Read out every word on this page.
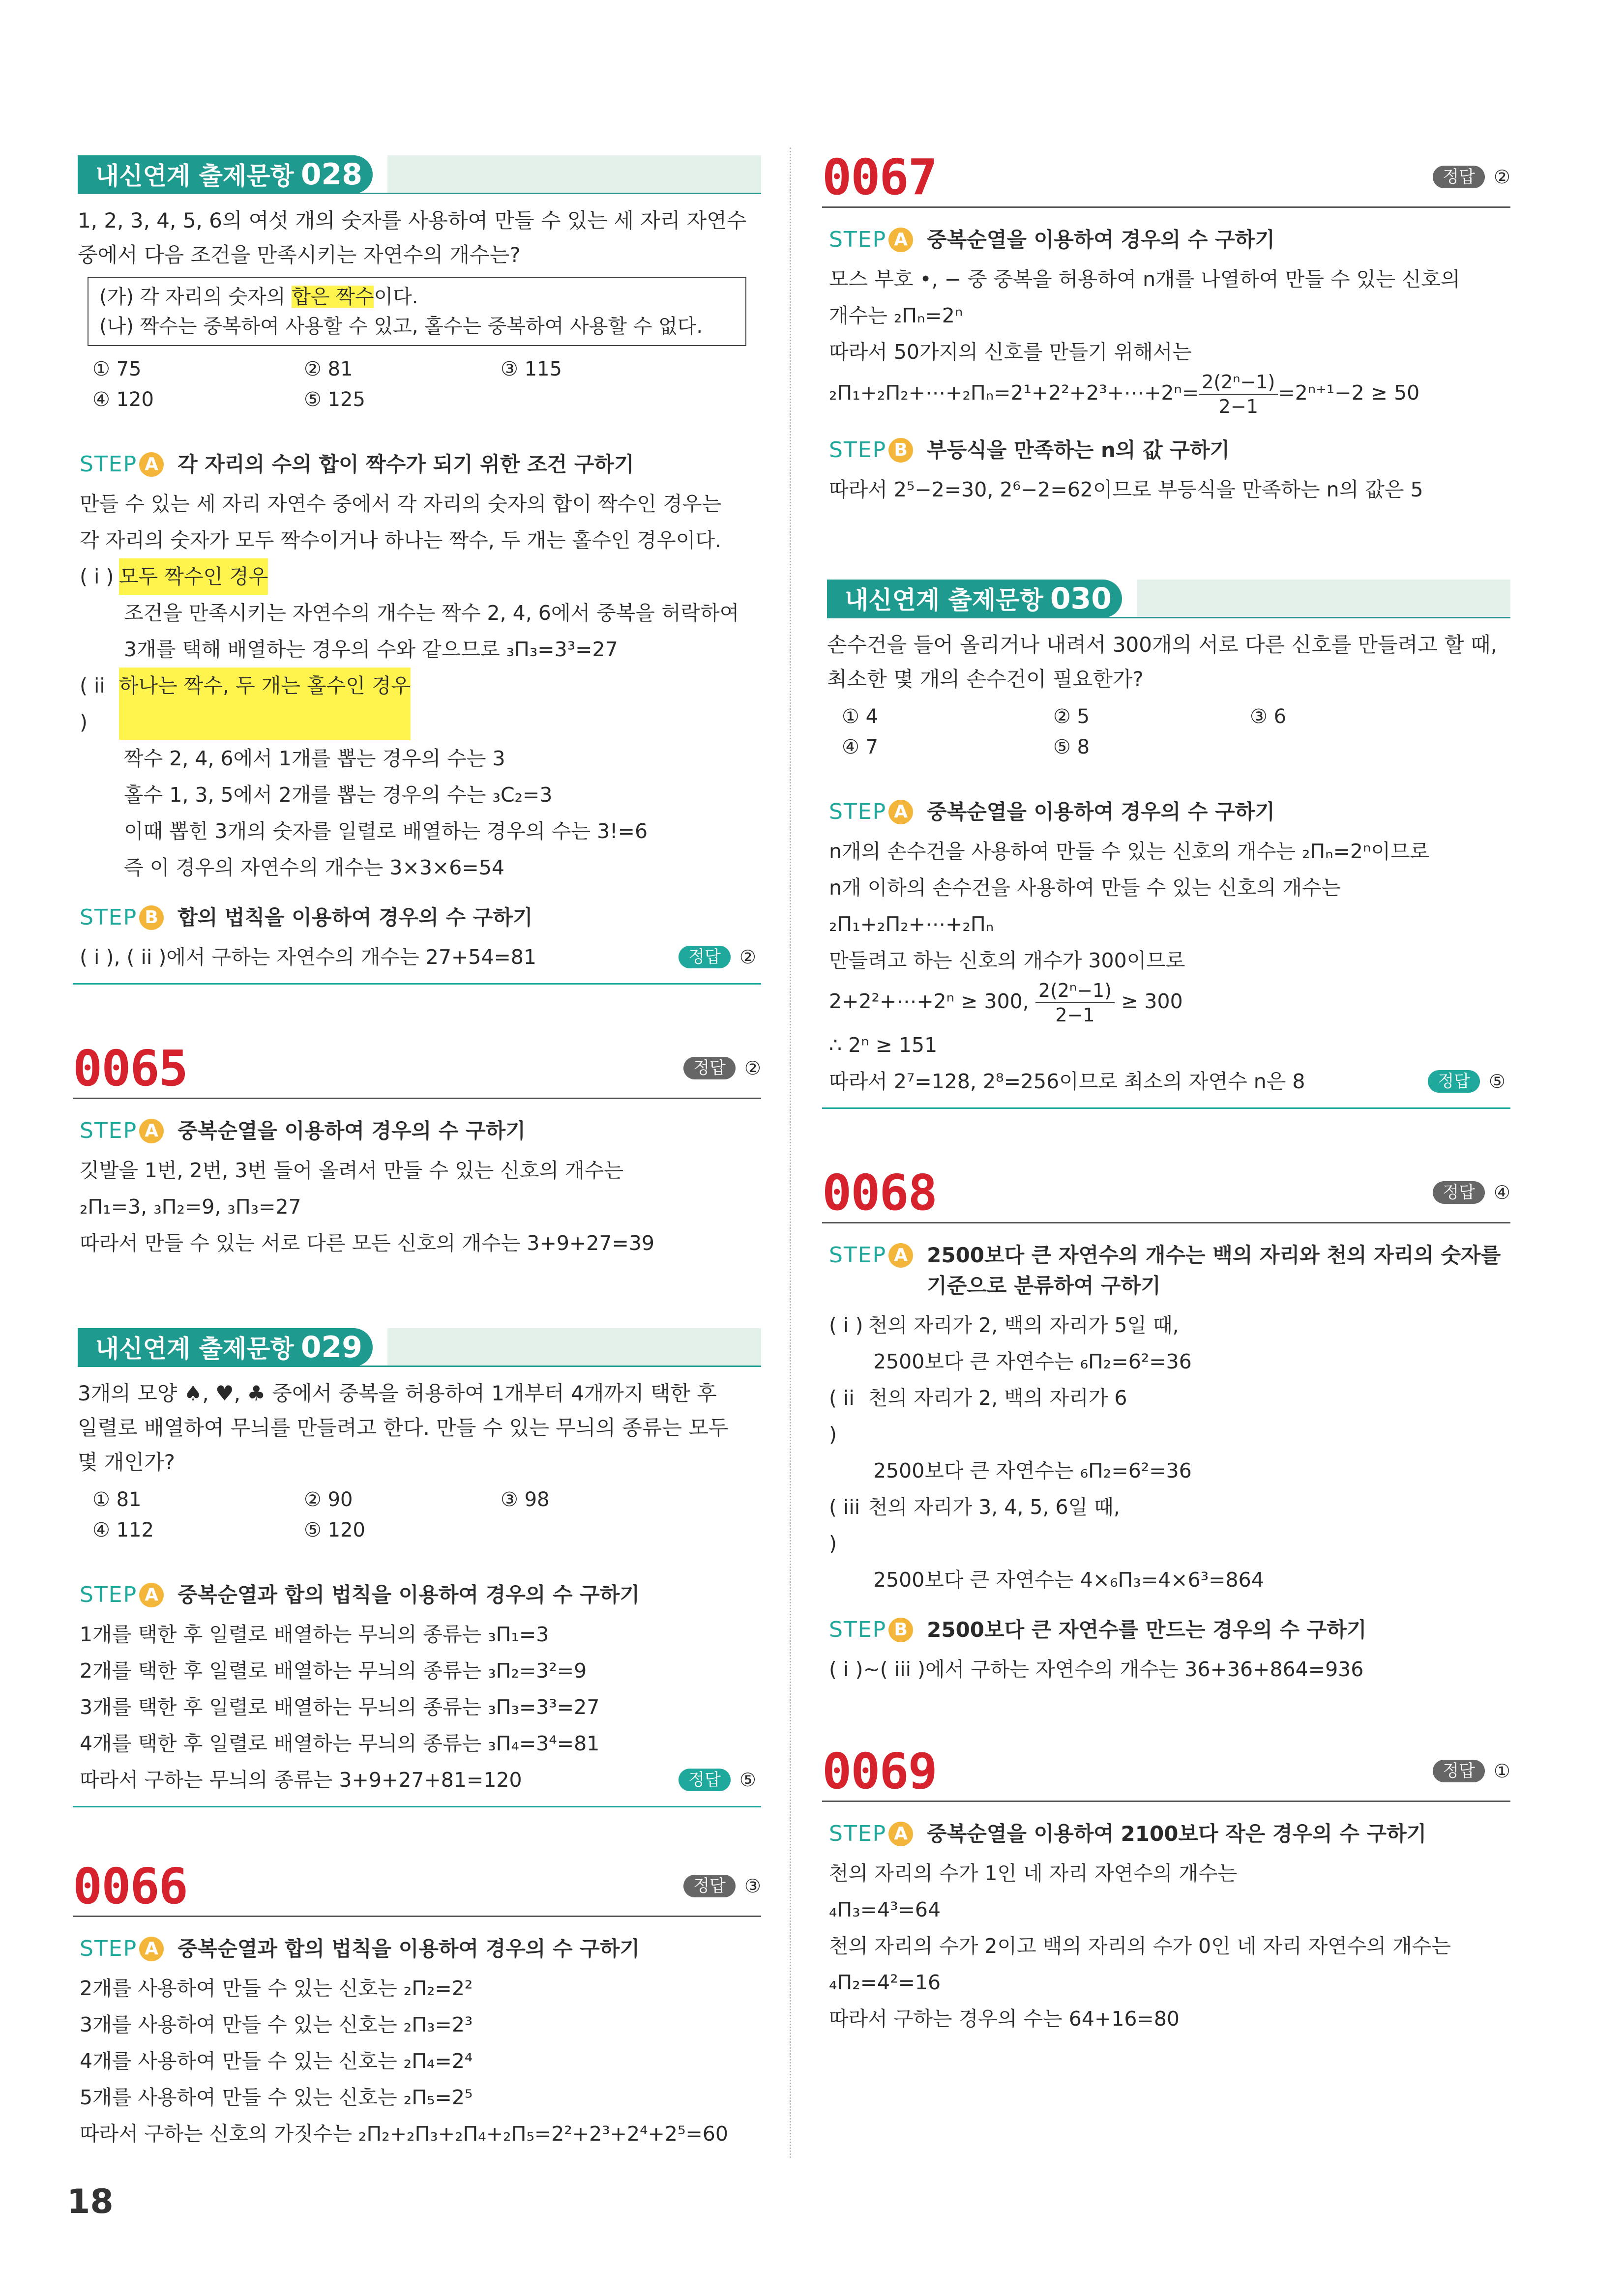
내신연계 출제문항 028
1, 2, 3, 4, 5, 6의 여섯 개의 숫자를 사용하여 만들 수 있는 세 자리 자연수
중에서 다음 조건을 만족시키는 자연수의 개수는?
(가) 각 자리의 숫자의 합은 짝수이다.
(나) 짝수는 중복하여 사용할 수 있고, 홀수는 중복하여 사용할 수 없다.
① 75	② 81	③ 115
④ 120	⑤ 125
STEP A 각 자리의 수의 합이 짝수가 되기 위한 조건 구하기
만들 수 있는 세 자리 자연수 중에서 각 자리의 숫자의 합이 짝수인 경우는
각 자리의 숫자가 모두 짝수이거나 하나는 짝수, 두 개는 홀수인 경우이다.
( i ) 모두 짝수인 경우
조건을 만족시키는 자연수의 개수는 짝수 2, 4, 6에서 중복을 허락하여
3개를 택해 배열하는 경우의 수와 같으므로 ₃Π₃=3³=27
( ii )
하나는 짝수, 두 개는 홀수인 경우
짝수 2, 4, 6에서 1개를 뽑는 경우의 수는 3
홀수 1, 3, 5에서 2개를 뽑는 경우의 수는 ₃C₂=3
이때 뽑힌 3개의 숫자를 일렬로 배열하는 경우의 수는 3!=6
즉 이 경우의 자연수의 개수는 3×3×6=54
STEP B 합의 법칙을 이용하여 경우의 수 구하기
( i ), ( ii )에서 구하는 자연수의 개수는 27+54=81	정답	②
0065	정답	②
STEP A 중복순열을 이용하여 경우의 수 구하기
깃발을 1번, 2번, 3번 들어 올려서 만들 수 있는 신호의 개수는
₂Π₁=3, ₃Π₂=9, ₃Π₃=27
따라서 만들 수 있는 서로 다른 모든 신호의 개수는 3+9+27=39
내신연계 출제문항 029
3개의 모양 ♠, ♥, ♣ 중에서 중복을 허용하여 1개부터 4개까지 택한 후
일렬로 배열하여 무늬를 만들려고 한다. 만들 수 있는 무늬의 종류는 모두
몇 개인가?
① 81	② 90	③ 98
④ 112	⑤ 120
STEP A 중복순열과 합의 법칙을 이용하여 경우의 수 구하기
1개를 택한 후 일렬로 배열하는 무늬의 종류는 ₃Π₁=3
2개를 택한 후 일렬로 배열하는 무늬의 종류는 ₃Π₂=3²=9
3개를 택한 후 일렬로 배열하는 무늬의 종류는 ₃Π₃=3³=27
4개를 택한 후 일렬로 배열하는 무늬의 종류는 ₃Π₄=3⁴=81
따라서 구하는 무늬의 종류는 3+9+27+81=120	정답	⑤
0066	정답	③
STEP A 중복순열과 합의 법칙을 이용하여 경우의 수 구하기
2개를 사용하여 만들 수 있는 신호는 ₂Π₂=2²
3개를 사용하여 만들 수 있는 신호는 ₂Π₃=2³
4개를 사용하여 만들 수 있는 신호는 ₂Π₄=2⁴
5개를 사용하여 만들 수 있는 신호는 ₂Π₅=2⁵
따라서 구하는 신호의 가짓수는 ₂Π₂+₂Π₃+₂Π₄+₂Π₅=2²+2³+2⁴+2⁵=60
0067	정답	②
STEP A 중복순열을 이용하여 경우의 수 구하기
모스 부호 •, − 중 중복을 허용하여 n개를 나열하여 만들 수 있는 신호의
개수는 ₂Πₙ=2ⁿ
따라서 50가지의 신호를 만들기 위해서는
₂Π₁+₂Π₂+⋯+₂Πₙ=2¹+2²+2³+⋯+2ⁿ= $\frac{\text{2(2ⁿ−1)}}{2-1} =2^{n+1}-2 \ge 50$
STEP B 부등식을 만족하는 n의 값 구하기
따라서 2⁵−2=30, 2⁶−2=62이므로 부등식을 만족하는 n의 값은 5
내신연계 출제문항 030
손수건을 들어 올리거나 내려서 300개의 서로 다른 신호를 만들려고 할 때,
최소한 몇 개의 손수건이 필요한가?
① 4	② 5	③ 6
④ 7	⑤ 8
STEP A 중복순열을 이용하여 경우의 수 구하기
n개의 손수건을 사용하여 만들 수 있는 신호의 개수는 ₂Πₙ=2ⁿ이므로
n개 이하의 손수건을 사용하여 만들 수 있는 신호의 개수는
₂Π₁+₂Π₂+⋯+₂Πₙ
만들려고 하는 신호의 개수가 300이므로
2+2²+⋯+2ⁿ ≥ 300, $\frac{\text{2(2ⁿ−1)}}{2-1} \ge 300$
∴ 2ⁿ ≥ 151
따라서 2⁷=128, 2⁸=256이므로 최소의 자연수 n은 8	정답	⑤
0068	정답	④
STEP A 2500보다 큰 자연수의 개수는 백의 자리와 천의 자리의 숫자를
기준으로 분류하여 구하기
( i ) 천의 자리가 2, 백의 자리가 5일 때,
2500보다 큰 자연수는 ₆Π₂=6²=36
( ii )
천의 자리가 2, 백의 자리가 6
2500보다 큰 자연수는 ₆Π₂=6²=36
( iii )
천의 자리가 3, 4, 5, 6일 때,
2500보다 큰 자연수는 4×₆Π₃=4×6³=864
STEP B 2500보다 큰 자연수를 만드는 경우의 수 구하기
( i )~( iii )에서 구하는 자연수의 개수는 36+36+864=936
0069	정답	①
STEP A 중복순열을 이용하여 2100보다 작은 경우의 수 구하기
천의 자리의 수가 1인 네 자리 자연수의 개수는
₄Π₃=4³=64
천의 자리의 수가 2이고 백의 자리의 수가 0인 네 자리 자연수의 개수는
₄Π₂=4²=16
따라서 구하는 경우의 수는 64+16=80
18
